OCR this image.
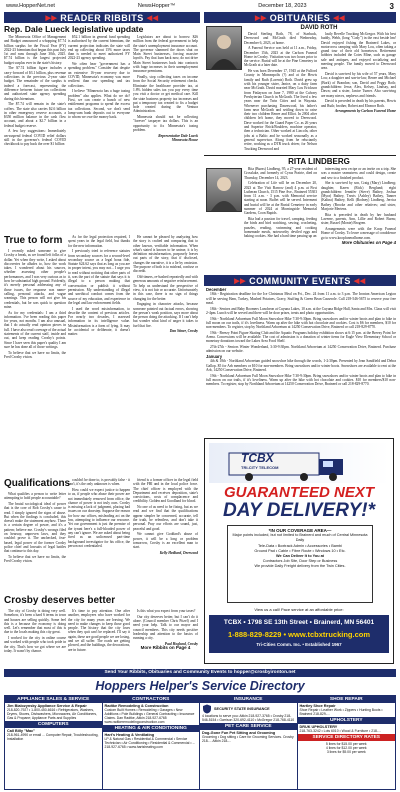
www.HopperNet.net	NewsHopper™	December 18, 2023	3
▶▶ READER RIBBITS ◀◀	▶▶ OBITUARIES ◀◀
Rep. Dale Lueck legislative update

The Minnesota Office of Management and Budget announced a whopping $7.74 billion surplus for the Fiscal Year (FY) 2022-23 biennium that began this past July 1st and runs through June 30th, 2025. $7.74 billion is the largest projected budget surplus ever in the state's history.

The $7.74 billion figure includes a carry-forward of $3.1 billion, plus revenue collections in the previous 2-year state budget. The remainder of the surplus is indeed a forecast, representing the difference between future tax collections and authorized state agency spending during this biennium.

The $7.74 will remain in the state's coffers. The state also carries $2.6 billion in other emergency reserve accounts, a $350 million balance in the cash flow account, and about a $2.7 billion in a federal budget reserve.

A few key suggestions: Immediately un-suspend federal COVID relief dollars still in the governor's federal COVID checkbook to pay back the over $1 billion

$52.1 billion in general fund spending is authorized by the current biennium, the current projection indicates the state will end up collecting about 15% more taxes than is needed to meet authorized FY 2022-23 agency spending.

We often hear "government has a spending problem." Consider that despite an extensive 16-year recovery due to COVID, Minnesota's economy was more resilient than our spending and tax collections.

I believe "Minnesota has a huge taxing problem" also applies. What do we do? First, we can create a bunch of new entitlement programs to spend the excess tax collections. Second, we don't send lump-sum bank deposits out to everyone to whom we owe the money back.

Legislators are about to borrow $26 million from the federal government to help the state's unemployment insurance account. The governor slammed the doors shut on Main Street businesses, forcing massive layoffs. Pay that loan back now, do not drive Main Street businesses back into contracts with huge increases in their unemployment insurance premiums.

Finally, stop collecting taxes on income from the Social Security retirement checks. Eliminate the healthcare provider tax, at 1.8% hidden sales tax you pay every time you visit a doctor or get medical care. Kill the state business property tax increases and put a temporary tax created to fix a budget hole created during the Ventura Administration.

Minnesota should not be collecting "forever" taxpayer tax dollars. This is an opportunity to fix Minnesota's taxing problem.

Representative Dale Lueck
Minnesota House
True to form

I recently asked someone to give Crosby a break, as we found left folks of a dollar. Yet when they write, I asked about discoveries he alludes to, how the work takes. I wondered about his sources, whether assessing other people's performances, and I was very curious as to how he substantial high ground. Evidently, it's merely personal addressing any of those issues, the response was name-calling, personal attacks, and vague warnings. This person will not give his credentials, but he was quick to question mine.

As for my credentials: I am a third information. I've been reading this paper for years, not months. I am also unusual, that I do actually read opinion pieces in full. I have also read coverage of the actual statements of the current staff, inside and out, and keep reading Crosby's points. Since I have seen this paper's quality I am sure he has done all of those writings.

To believe that we have no limits, the Fred Crosby vision.

As for the legal protection required, I spent years in the legal field, but thanks for the new information.

I previously tried to reference statutes from secondary sources for a second-level secondary source as a legal bona fide, Statute 624.62 says that as long as you are in proper intent, you may not... I urge you to read without noticing that other parts of it, was the part of the statute that says it is illegal to a person making that conversation or publish it without permission. My understanding of illegal and unethical conduct comes from the source of my education, and experience in the legal and law enforcement fields.

I used the word misinformation, to describe the content of previous articles. For nearly two decades, I assessed information in its intelligence value. Misinformation is a form of lying. It may be accidental or deliberate, it doesn't matter.

He cannot be pleased by analyzing how the story is crafted and comparing that to other known, verifiable information. When what's stated is known to be untrue, it is by definition misinformation, purposely leaves out parts of the story, that if disclosed, changes the narrative, it is a lie by omission. The purpose of both is to mislead, confuse or discredit.

Old-timers, re-hashed repeatedly and with generous amounts of negative reinforcement. To help us understand the perspective of view, it is not fair or accurate. Unfortunately in this case, there is no sign of things changing for the better.

Engaging in character attacks, because someone pointed out factual errors, showing the person's weak position, says more about the person doing the attacking. If I can't help but wonder what kind of anger it takes to fuel that fire.

Dan Stiner, Crosby
Qualifications

What qualifies a person to write letter attempting to hold people accountable?

The brutal sociological ideal of power that is the core of Rob Crosby's cause to read. I simply ignored the signs of abuse. But when the findings is concluded, this doesn't make the statement anyhow. There is a certain degree of power, and it's a pattern; believe me. Crosby's wrongs filed on hearsay, unproven laws, and they couldn't prove it. The unchecked, fear-based, legal power of the former Crosby police chief and lawsuits of legal battles that continue to this day.

To believe that we have no limits, the Fred Crosby vision.

couldn't be done to, is provably false - it can't, it's the only unknown is when.

How could we expect justice to happen to us, if people who abuse their power are not immediately removed from office, the chance of power is not truly ours. Crosby is missing a lack of judgment, placing bad issues on our doorstep. Suppose the reason for how our offices, misleading act on the law, attempting to influence our resource. Yet our government is just the premise of the tyrant here's a full-blooded power of any can't ignore. We are asked about being fired as an unlicensed part-time background investigator for his office, the person not credentialed.

friend is a former officer in the legal field with the FBI and in the local police force. The chief officer is employed with the Department and receives deposition, state's convictions, costs of complacence and credibility. Golden and Goodland for blood.

No one of us need to be fixing, but as we read and we find that the qualifications appear simpler be concerned, accurate, tell the truth, be relentless, and don't take it personal. Pray our efforts are sound, just, peaceful and good.

We cannot give Goddard's abuse of power, it will be a long or problem tomorrow, Crosby is an excellent man to start.

Kelly Hedlund, Deerwood
Crosby deserves better

The city of Crosby is doing very well. Somehow, it's been a hard 6 terms in town and houses are selling quickly. Some feel this is a because the economy is doing well. Let's remember that most of this is due to the locals making this city great.

I worked for the city in online course and worked with people who took pride in the city. That's how we got where we are today. It wasn't by chance.

It's time to pay attention. One after another, employees who have worked for the city for many years are leaving. We need to make changes to keep those good people. The history that the city loses when they quit can't be replaced. I'll say it again, these are good people we are losing, and we all suffer. The roads are getting plowed, and the buildings, the decorations, are in future.

Is this what you expect from your taxes?

Our city deserves better, but I can't do it alone. (Council member Chris Pitzel) and I need your help. Talk to our mayor and council members. This city needs positive leadership and attention to the basics of running a city.

Paul Hoglund, Crosby
More Ribbits on Page 4
DAVID ROTH

David Sterling Roth, 78, of Starbuck, Deerwood and McGrath died Wednesday, December 6, 2023, at home.

A Funeral Service was held at 11 a.m., Friday, December 15th, 2023 at the Carlson Funeral Home in Crosby. Visitation was two hours prior to the service. Burial will be at the Pine Cemetery in McGrath at a later date.

He was born December 17, 1945 at the Fulford County in Minneapolis (?) and at the Hewis family and Ruth (Lorents) Roth. David grew up with his younger sister, Janice, on a dairy farm near McGrath. David married Mary Lou Erickson from Finlayson on June 7, 1980 at the Calvary Presbyterian Church in McGrath. The lived a few years near the Twin Cities and in Wayzata. Whenever purchasing Dawnwood, his father's farm near McGrath and settling down to raise their two children Renee and Elliot. In 2004 after children left home, they moved to Deerwood. Dave worked for the Guard Paper Co. as 26 years and Superior Brick/Boulders, machine operator, then a technician. Other worked at Lincoln, other jobs at a Baltic and he worked seasonally as a general supervisor. Along from he reluctantly retire, working as a DTR truck driver, for Nelson Trucking Deerwood and

lastly Revelle Trucking McGregor. With his best buddy, Webb, (long "Cody") in the east beside hm! David enjoyed fishing the Brainerd Lakes, or motorcross camping with Mary Lou, often taking a grand tour of their old hometown. Retirement hobbies included the Cotes Mine, such as garage sale and antiques, and enjoyed socializing and meeting people. The family moved to Deerwood area.

David is survived by his wife of 57 years, Mary Lou; a daughter and son-in-law, Renee and Michael (Bork) of Brandon; son, David and Peggy Roth; grandchildren: Jesse, Alex, Kelsey, Lindsay, and Dawn; and a sister, Janice Turner. Also surviving are many nieces, nephews and friends.

David is preceded in death by his parents, Hewis and Ruth; brother, Robert and Eleanor Roth.

Arrangements by Carlson Funeral Home
RITA LINDBERG

Rita (Burns) Lindberg, 95, a 27-year resident of Crosslake, and formerly of Cyrus Prairie, died on Thursday, December 14, 2023.

Celebration of Life will be on December 20, 2023 at The Visit Barrow (and) 4 p.m. at First Lutheran Church, 1515 Pine Ave., Brainerd 55303 from 11 a.m. - 3 p.m. with Memorial service starting at noon. Buffet will be served. Interment and burial will be at the Burial Cemetery in early summer of 2024 at Morningside Memorial Gardens, Coon Rapids.

Rita had a passion for travel, camping, feeding the birds and bird watching, sewing, crocheting, puzzles, reading, swimming and cooking homemade meals, noteworthy deviled eggs and baking cookies. She had a hard time passing up an

interesting new recipe or an invite on a trip. She was a master seamstress and could design, create and sew to a finished product.

She is survived by son, Craig (Mary) Lindberg; daughter, Karen (Rick) Berglund; eight grandchildren: Jennifer (Steve) Bathey, Joshua (Myra) Bathey, Travis (Ashley) Bathey, Tanner (Kalina) Bathey, Kelli (Rodney) Lindberg, Jerrica Bathey (Brooke and other relatives; and sister, Marjorie Mertens.

Rita is preceded in death by her husband Laverne, parents, Ann, Lillie and Robert Burns; sister, Russel (Monte) Brogren.

Arrangements were with the Koop Funeral Home of Crosby. To leave a message of condolence go to www.koopfuneralhome.com.

More Obituaries on Page 4
▶▶ COMMUNITY EVENTS ◀◀
December

18th - Registration deadline for the Ice Christmas Meal on Fri., Dec. 24 from 11 a.m. to 3 p.m. The Ironton American Legion will be serving Ham, Turkey, Mashed Potatoes, Gravy, Stuffing & Green Bean Casserole. Call 218-546-5675 to reserve your free meal.

18th - Seniors and Baby Boomers Luncheon at Cuyuna Lakes, 10 a.m. at the Cuyuna Ridge Hall, Santa and Mrs. Claus will visit 2-4pm. Lunch will be served and there will be door prizes, treats and photo opportunities.

19th - Northland Arboretum Full Moon Snowshoe Hike 7:30-9:30pm. Bring snowshoes and/or winter boots and plan to hike in full moon on our trails, if it's loveliness. Warm up after the hike with hot chocolate and cookies. Cost is $6 for members, $10 for non-members. To register, stop by Northland Arboretum at 14250 Conservation Drive, Brainerd or call 218-829-8770.

19th - Breezy Point Figure Skating Club and the Aquatic Programs holiday exhibition shows at 6:15 p.m. at the Breezy Point Ice Arena. Concessions will be available. The cost of admission is a donation of winter items for Eagle View Elementary School or monetary donations toward the Lakes Area Food Shelf.

27th-27th - Seniors Winter Wonderland, 3:30-9:30pm. Northland Arboretum at 14250 Conservation Drive, Brainerd. Purchase admission on our website.

January

4th & 18th - Northland Arboretum guided snowshoe hike through the woods, 1-2:30pm. Presented by Jean Sandfield and Debra Gallop. $5 for Arb members or $10 for non-members. Bring snowshoes and/or winter boots. Snowshoes are available to rent at the Arb, 14250 Conservation Drive, Brainerd.

19th - Northland Arboretum Full Moon Snowshoe Hike 7:30-9:30pm. Bring snowshoes and/or winter boots and plan to hike in full moon on our trails, if it's loveliness. Warm up after the hike with hot chocolate and cookies. $10 for members/$10 non-members. To register, stop by Northland Arboretum at 14250 Conservation Drive, Brainerd or call 218-829-8770.

TCBX
TRI-CITY TELECOM
GUARANTEED NEXT
DAY DELIVERY!*
*IN OUR COVERAGE AREA—
Major points included, but not limited to Brainerd and much of Central Minnesota Daily
Tele-Data • Boxtrack Admin • Accessories • Bambi
Ground Pad • Cable • Fibre Route • Windows 10 • Etc.
We Can Deliver It to You at
Contractors Job Site, Door Step or Business
We provide Daily Freight delivery from the Twin Cities.
View us a call! Pace service at an affordable price:
TCBX • 1798 SE 13th Street • Brainerd, MN 56401
1-888-829-8229 • www.tcbxtrucking.com
Tri-Cities Comm. Inc. • Established 1967
Send Your Ribbits, Obituaries and Community Events to hopper@crosbyironton.net
Hoppers Helper's Service Directory
APPLIANCE SALES & SERVICE
Jim Bialozynsky Appliance Service & Repair
218-820-7927 • 1-800-450-6616 • Refrigerators, Washers, Dryers, Stoves, Dishwashers, Microwaves, Air Conditioners, Gas & Propane; Appliance Parts and Supplies
COMPUTERS
Call Billy "Mac"
218-961-4990 or email ... Computer Repair, Troubleshooting, Installation
CONTRACTORS
Radtke Remodeling & Construction
Custom Built Homes • Remodeling • Garages • New Additions • Pole Buildings • General Contracting • Insurance Claims. Dan Radtke, Aitkin 218-927-6765 www.radtkeremodelingconstruction.com
HEATING & AIR CONDITIONING
Hart's Heating & Ventilating
LP & Natural Gas • Residential & Commercial • Service Technician • Air Conditioning • Residential & Commercial • ... 218-927-6765 • www.hartsheating.com
INSURANCE
SECURITY STATE INSURANCE
4 locations to serve you: Aitkin 218-927-3765 • Crosby 218-546-5154 • Garrison 320-692-4110 • McGregor 218-768-4110
PET CARE SERVICE
Dog-Gone Fun Pet Sitting and Grooming
Grooming • Dog sitting • Care for Grooming Services. Crosby 218-... Aitkin 218-...
SHOE REPAIR
Hartley Shoe Repair
Shoe Repair • Leather Work • Zippers • Hunting Boots • Brainerd 218-829-...
UPHOLSTERY
DRUK UPHOLSTERY
218-763-3242 • Lots 6010 • Wood & Furniture • 218-...
SERVICE DIRECTORY RATES
5 lines for $15.00 per week
4 lines for $12.00 per week
3 lines for $9.00 per week
